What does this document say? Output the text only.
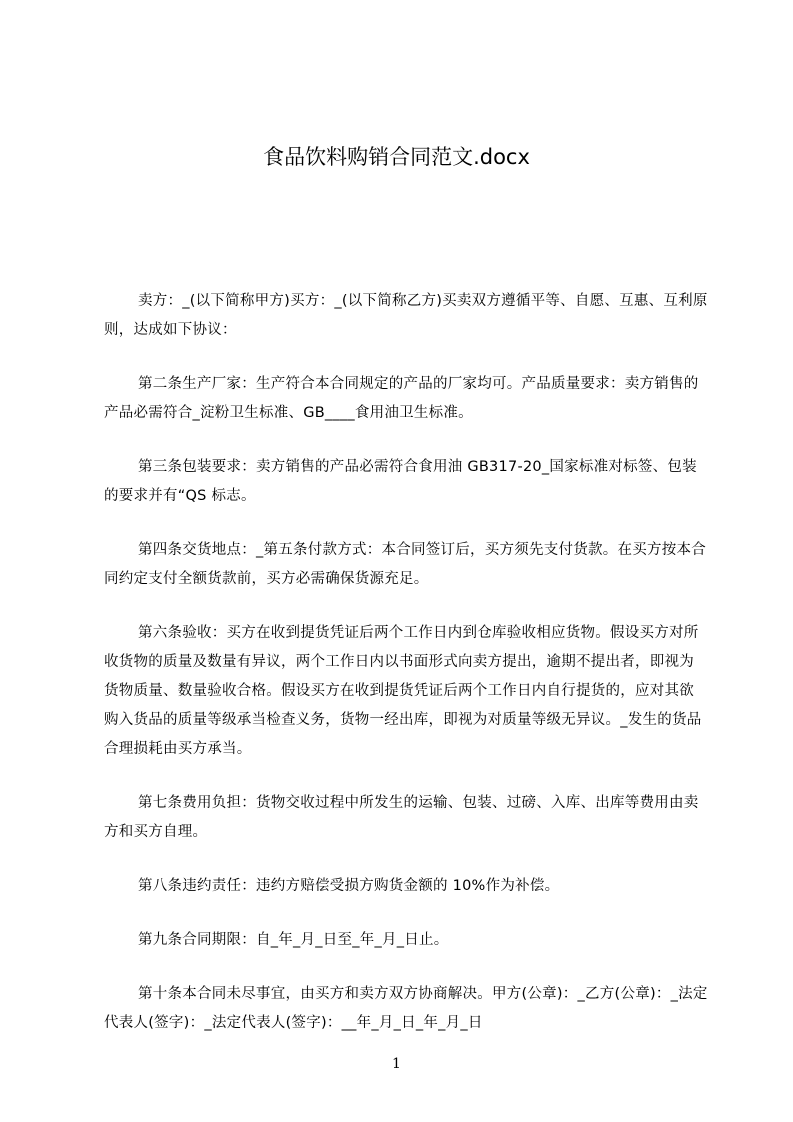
食品饮料购销合同范文.docx

卖方：_(以下简称甲方)买方：_(以下简称乙方)买卖双方遵循平等、自愿、互惠、互利原则，达成如下协议：

第二条生产厂家：生产符合本合同规定的产品的厂家均可。产品质量要求：卖方销售的产品必需符合_淀粉卫生标准、GB____食用油卫生标准。

第三条包装要求：卖方销售的产品必需符合食用油 GB317-20_国家标准对标签、包装的要求并有“QS 标志。

第四条交货地点：_第五条付款方式：本合同签订后，买方须先支付货款。在买方按本合同约定支付全额货款前，买方必需确保货源充足。

第六条验收：买方在收到提货凭证后两个工作日内到仓库验收相应货物。假设买方对所收货物的质量及数量有异议，两个工作日内以书面形式向卖方提出，逾期不提出者，即视为货物质量、数量验收合格。假设买方在收到提货凭证后两个工作日内自行提货的，应对其欲购入货品的质量等级承当检查义务，货物一经出库，即视为对质量等级无异议。_发生的货品合理损耗由买方承当。

第七条费用负担：货物交收过程中所发生的运输、包装、过磅、入库、出库等费用由卖方和买方自理。

第八条违约责任：违约方赔偿受损方购货金额的 10%作为补偿。

第九条合同期限：自_年_月_日至_年_月_日止。

第十条本合同未尽事宜，由买方和卖方双方协商解决。甲方(公章)：_乙方(公章)：_法定代表人(签字)：_法定代表人(签字)：__年_月_日_年_月_日

1
